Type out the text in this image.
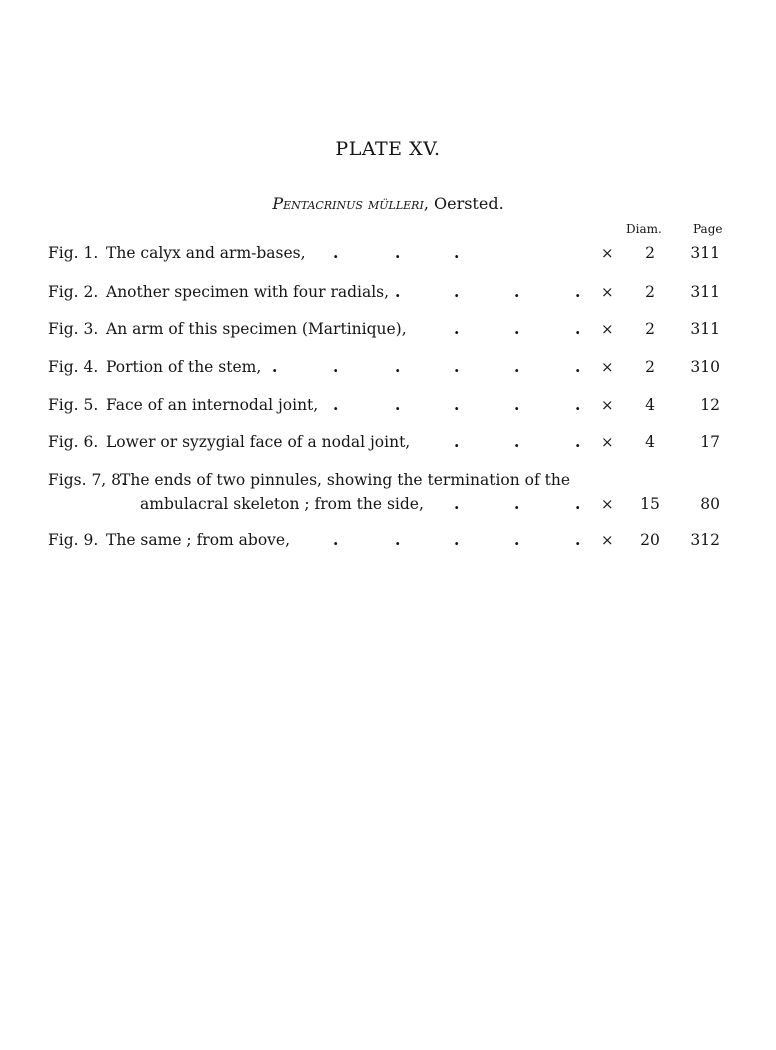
PLATE XV.
Pentacrinus mülleri, Oersted.
Diam.	Page
Fig. 1. The calyx and arm-bases, .	.	.	×	2	311
Fig. 2. Another specimen with four radials, .	.	.	. ×	2	311
Fig. 3. An arm of this specimen (Martinique),	.	.	. ×	2	311
Fig. 4. Portion of the stem, .	.	.	.	.	. ×	2	310
Fig. 5. Face of an internodal joint, .	.	.	.	. ×	4	12
Fig. 6. Lower or syzygial face of a nodal joint,	.	.	. ×	4	17
Figs. 7, 8.
The ends of two pinnules, showing the termination of the
ambulacral skeleton ; from the side, .	.	. ×	15	80
Fig. 9. The same ; from above,	.	.	.	.	. ×	20	312
